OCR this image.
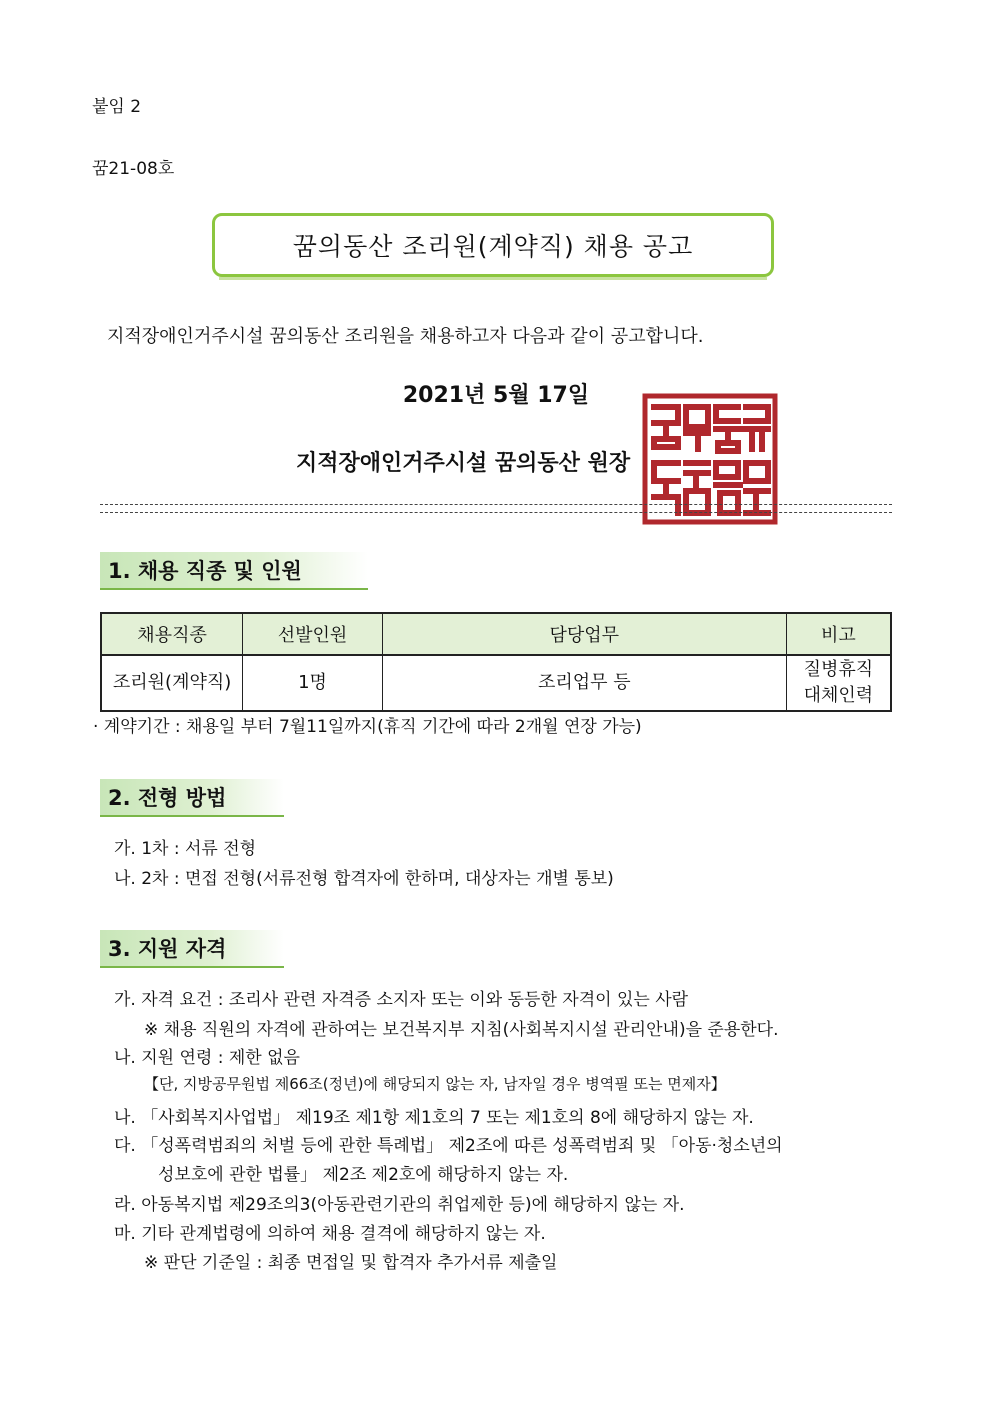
붙임 2
꿈21-08호
꿈의동산 조리원(계약직) 채용 공고
지적장애인거주시설 꿈의동산 조리원을 채용하고자 다음과 같이 공고합니다.
2021년 5월 17일
지적장애인거주시설 꿈의동산 원장
1. 채용 직종 및 인원
채용직종	선발인원	담당업무	비고
조리원(계약직)	1명	조리업무 등	질병휴직
대체인력
· 계약기간 : 채용일 부터 7월11일까지(휴직 기간에 따라 2개월 연장 가능)
2. 전형 방법
가. 1차 : 서류 전형
나. 2차 : 면접 전형(서류전형 합격자에 한하며, 대상자는 개별 통보)
3. 지원 자격
가. 자격 요건 : 조리사 관련 자격증 소지자 또는 이와 동등한 자격이 있는 사람
※ 채용 직원의 자격에 관하여는 보건복지부 지침(사회복지시설 관리안내)을 준용한다.
나. 지원 연령 : 제한 없음
【단, 지방공무원법 제66조(정년)에 해당되지 않는 자, 남자일 경우 병역필 또는 면제자】
나. 「사회복지사업법」 제19조 제1항 제1호의 7 또는 제1호의 8에 해당하지 않는 자.
다. 「성폭력범죄의 처벌 등에 관한 특례법」 제2조에 따른 성폭력범죄 및 「아동·청소년의
성보호에 관한 법률」 제2조 제2호에 해당하지 않는 자.
라. 아동복지법 제29조의3(아동관련기관의 취업제한 등)에 해당하지 않는 자.
마. 기타 관계법령에 의하여 채용 결격에 해당하지 않는 자.
※ 판단 기준일 : 최종 면접일 및 합격자 추가서류 제출일
